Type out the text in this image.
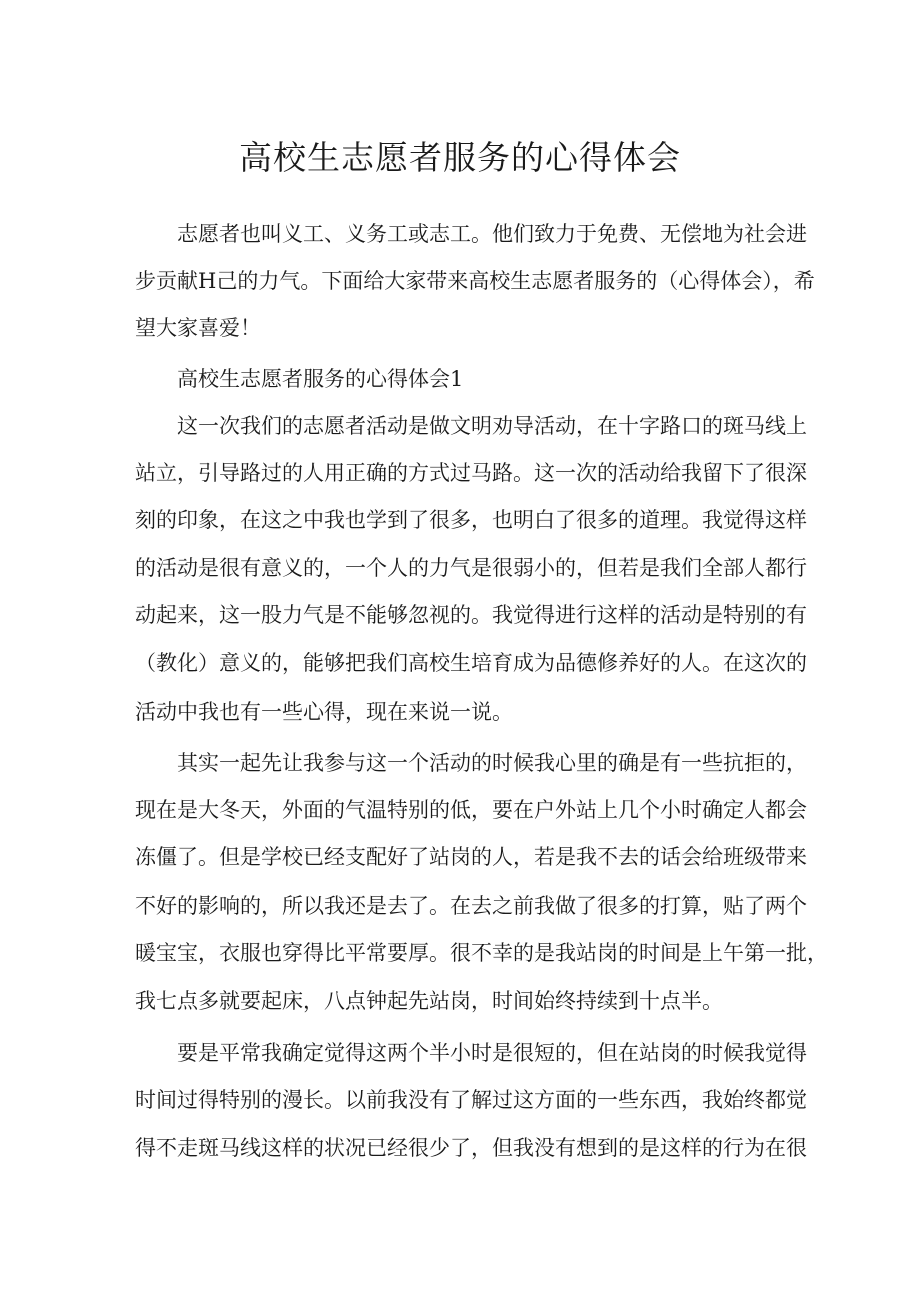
高校生志愿者服务的心得体会

志愿者也叫义工、义务工或志工。他们致力于免费、无偿地为社会进

步贡献H己的力气。下面给大家带来高校生志愿者服务的（心得体会），希

望大家喜爱！

高校生志愿者服务的心得体会1

这一次我们的志愿者活动是做文明劝导活动，在十字路口的斑马线上

站立，引导路过的人用正确的方式过马路。这一次的活动给我留下了很深

刻的印象，在这之中我也学到了很多，也明白了很多的道理。我觉得这样

的活动是很有意义的，一个人的力气是很弱小的，但若是我们全部人都行

动起来，这一股力气是不能够忽视的。我觉得进行这样的活动是特别的有

（教化）意义的，能够把我们高校生培育成为品德修养好的人。在这次的

活动中我也有一些心得，现在来说一说。

其实一起先让我参与这一个活动的时候我心里的确是有一些抗拒的，

现在是大冬天，外面的气温特别的低，要在户外站上几个小时确定人都会

冻僵了。但是学校已经支配好了站岗的人，若是我不去的话会给班级带来

不好的影响的，所以我还是去了。在去之前我做了很多的打算，贴了两个

暖宝宝，衣服也穿得比平常要厚。很不幸的是我站岗的时间是上午第一批，

我七点多就要起床，八点钟起先站岗，时间始终持续到十点半。

要是平常我确定觉得这两个半小时是很短的，但在站岗的时候我觉得

时间过得特别的漫长。以前我没有了解过这方面的一些东西，我始终都觉

得不走斑马线这样的状况已经很少了，但我没有想到的是这样的行为在很
